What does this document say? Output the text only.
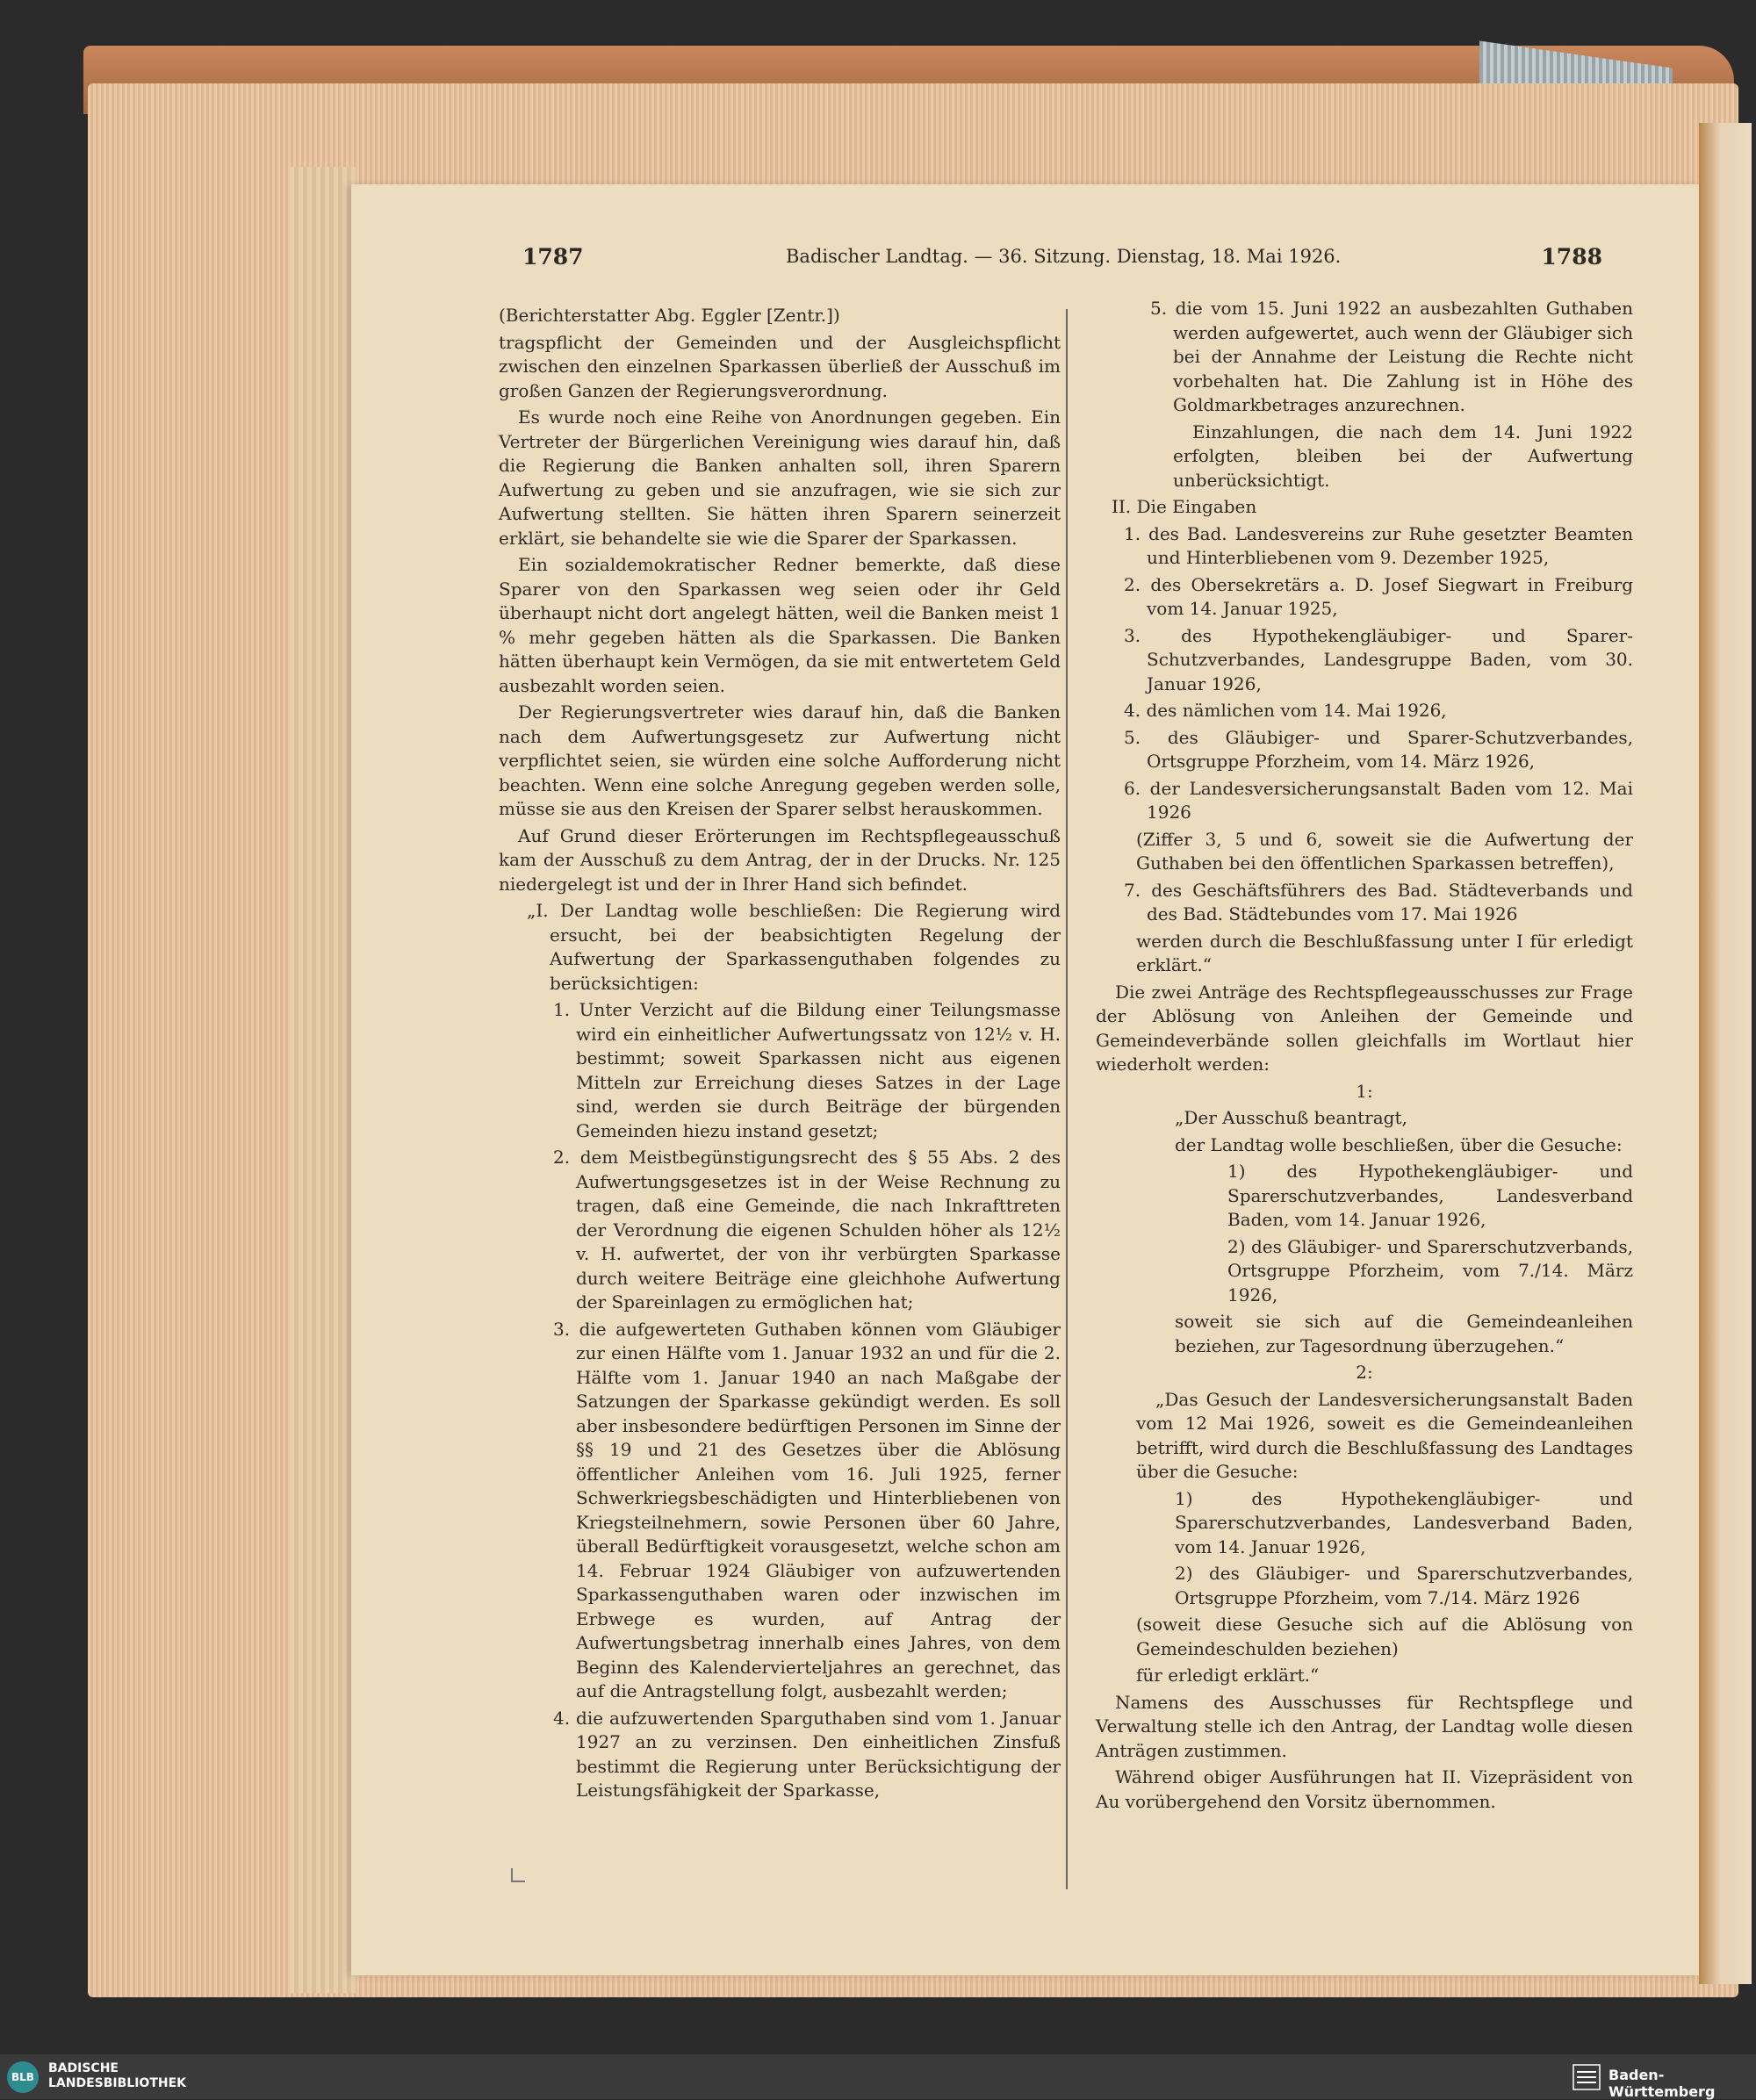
1787	Badischer Landtag. — 36. Sitzung. Dienstag, 18. Mai 1926.	1788

(Berichterstatter Abg. Eggler [Zentr.])

tragspflicht der Gemeinden und der Ausgleichspflicht zwischen den einzelnen Sparkassen überließ der Ausschuß im großen Ganzen der Regierungsverordnung.

Es wurde noch eine Reihe von Anordnungen gegeben. Ein Vertreter der Bürgerlichen Vereinigung wies darauf hin, daß die Regierung die Banken anhalten soll, ihren Sparern Aufwertung zu geben und sie anzufragen, wie sie sich zur Aufwertung stellten. Sie hätten ihren Sparern seinerzeit erklärt, sie behandelte sie wie die Sparer der Sparkassen.

Ein sozialdemokratischer Redner bemerkte, daß diese Sparer von den Sparkassen weg seien oder ihr Geld überhaupt nicht dort angelegt hätten, weil die Banken meist 1 % mehr gegeben hätten als die Sparkassen. Die Banken hätten überhaupt kein Vermögen, da sie mit entwertetem Geld ausbezahlt worden seien.

Der Regierungsvertreter wies darauf hin, daß die Banken nach dem Aufwertungsgesetz zur Aufwertung nicht verpflichtet seien, sie würden eine solche Aufforderung nicht beachten. Wenn eine solche Anregung gegeben werden solle, müsse sie aus den Kreisen der Sparer selbst herauskommen.

Auf Grund dieser Erörterungen im Rechtspflegeausschuß kam der Ausschuß zu dem Antrag, der in der Drucks. Nr. 125 niedergelegt ist und der in Ihrer Hand sich befindet.

„I. Der Landtag wolle beschließen: Die Regierung wird ersucht, bei der beabsichtigten Regelung der Aufwertung der Sparkassenguthaben folgendes zu berücksichtigen:

1. Unter Verzicht auf die Bildung einer Teilungsmasse wird ein einheitlicher Aufwertungssatz von 12½ v. H. bestimmt; soweit Sparkassen nicht aus eigenen Mitteln zur Erreichung dieses Satzes in der Lage sind, werden sie durch Beiträge der bürgenden Gemeinden hiezu instand gesetzt;

2. dem Meistbegünstigungsrecht des § 55 Abs. 2 des Aufwertungsgesetzes ist in der Weise Rechnung zu tragen, daß eine Gemeinde, die nach Inkrafttreten der Verordnung die eigenen Schulden höher als 12½ v. H. aufwertet, der von ihr verbürgten Sparkasse durch weitere Beiträge eine gleichhohe Aufwertung der Spareinlagen zu ermöglichen hat;

3. die aufgewerteten Guthaben können vom Gläubiger zur einen Hälfte vom 1. Januar 1932 an und für die 2. Hälfte vom 1. Januar 1940 an nach Maßgabe der Satzungen der Sparkasse gekündigt werden. Es soll aber insbesondere bedürftigen Personen im Sinne der §§ 19 und 21 des Gesetzes über die Ablösung öffentlicher Anleihen vom 16. Juli 1925, ferner Schwerkriegsbeschädigten und Hinterbliebenen von Kriegsteilnehmern, sowie Personen über 60 Jahre, überall Bedürftigkeit vorausgesetzt, welche schon am 14. Februar 1924 Gläubiger von aufzuwertenden Sparkassenguthaben waren oder inzwischen im Erbwege es wurden, auf Antrag der Aufwertungsbetrag innerhalb eines Jahres, von dem Beginn des Kalendervierteljahres an gerechnet, das auf die Antragstellung folgt, ausbezahlt werden;

4. die aufzuwertenden Sparguthaben sind vom 1. Januar 1927 an zu verzinsen. Den einheitlichen Zinsfuß bestimmt die Regierung unter Berücksichtigung der Leistungsfähigkeit der Sparkasse,

5. die vom 15. Juni 1922 an ausbezahlten Guthaben werden aufgewertet, auch wenn der Gläubiger sich bei der Annahme der Leistung die Rechte nicht vorbehalten hat. Die Zahlung ist in Höhe des Goldmarkbetrages anzurechnen.

Einzahlungen, die nach dem 14. Juni 1922 erfolgten, bleiben bei der Aufwertung unberücksichtigt.

II. Die Eingaben

1. des Bad. Landesvereins zur Ruhe gesetzter Beamten und Hinterbliebenen vom 9. Dezember 1925,

2. des Obersekretärs a. D. Josef Siegwart in Freiburg vom 14. Januar 1925,

3. des Hypothekengläubiger- und Sparer-Schutzverbandes, Landesgruppe Baden, vom 30. Januar 1926,

4. des nämlichen vom 14. Mai 1926,

5. des Gläubiger- und Sparer-Schutzverbandes, Ortsgruppe Pforzheim, vom 14. März 1926,

6. der Landesversicherungsanstalt Baden vom 12. Mai 1926

(Ziffer 3, 5 und 6, soweit sie die Aufwertung der Guthaben bei den öffentlichen Sparkassen betreffen),

7. des Geschäftsführers des Bad. Städteverbands und des Bad. Städtebundes vom 17. Mai 1926

werden durch die Beschlußfassung unter I für erledigt erklärt.“

Die zwei Anträge des Rechtspflegeausschusses zur Frage der Ablösung von Anleihen der Gemeinde und Gemeindeverbände sollen gleichfalls im Wortlaut hier wiederholt werden:

1:

„Der Ausschuß beantragt,

der Landtag wolle beschließen, über die Gesuche:

1) des Hypothekengläubiger- und Sparerschutzverbandes, Landesverband Baden, vom 14. Januar 1926,

2) des Gläubiger- und Sparerschutzverbands, Ortsgruppe Pforzheim, vom 7./14. März 1926,

soweit sie sich auf die Gemeindeanleihen beziehen, zur Tagesordnung überzugehen.“

2:

„Das Gesuch der Landesversicherungsanstalt Baden vom 12 Mai 1926, soweit es die Gemeindeanleihen betrifft, wird durch die Beschlußfassung des Landtages über die Gesuche:

1) des Hypothekengläubiger- und Sparerschutzverbandes, Landesverband Baden, vom 14. Januar 1926,

2) des Gläubiger- und Sparerschutzverbandes, Ortsgruppe Pforzheim, vom 7./14. März 1926

(soweit diese Gesuche sich auf die Ablösung von Gemeindeschulden beziehen)

für erledigt erklärt.“

Namens des Ausschusses für Rechtspflege und Verwaltung stelle ich den Antrag, der Landtag wolle diesen Anträgen zustimmen.

Während obiger Ausführungen hat II. Vizepräsident von Au vorübergehend den Vorsitz übernommen.

BLB
BADISCHE
LANDESBIBLIOTHEK	Baden-Württemberg
